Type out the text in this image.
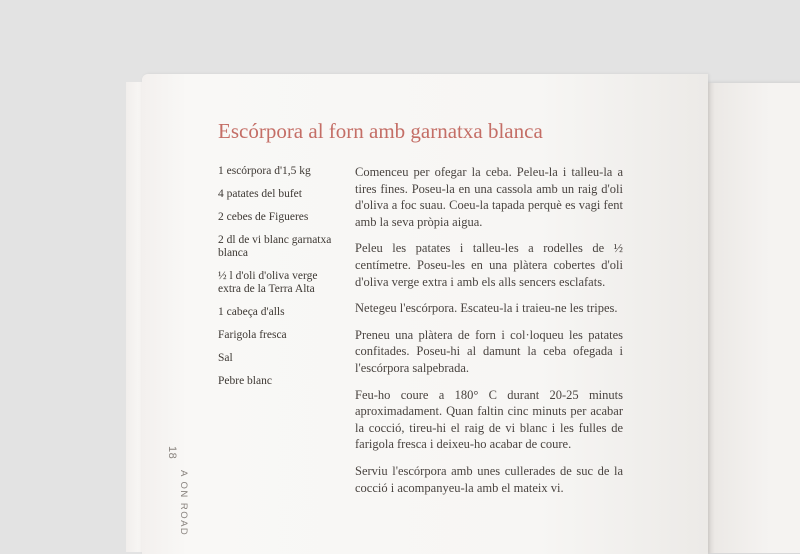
Escórpora al forn amb garnatxa blanca
1 escórpora d'1,5 kg
4 patates del bufet
2 cebes de Figueres
2 dl de vi blanc garnatxa blanca
½ l d'oli d'oliva verge extra de la Terra Alta
1 cabeça d'alls
Farigola fresca
Sal
Pebre blanc

Comenceu per ofegar la ceba. Peleu-la i talleu-la a tires fines. Poseu-la en una cassola amb un raig d'oli d'oliva a foc suau. Coeu-la tapada perquè es vagi fent amb la seva pròpia aigua.

Peleu les patates i talleu-les a rodelles de ½ centímetre. Poseu-les en una plàtera cobertes d'oli d'oliva verge extra i amb els alls sencers esclafats.

Netegeu l'escórpora. Escateu-la i traieu-ne les tripes.

Preneu una plàtera de forn i col·loqueu les patates confitades. Poseu-hi al damunt la ceba ofegada i l'escórpora salpebrada.

Feu-ho coure a 180° C durant 20-25 minuts aproximadament. Quan faltin cinc minuts per acabar la cocció, tireu-hi el raig de vi blanc i les fulles de farigola fresca i deixeu-ho acabar de coure.

Serviu l'escórpora amb unes cullerades de suc de la cocció i acompanyeu-la amb el mateix vi.

18
A ON ROAD
